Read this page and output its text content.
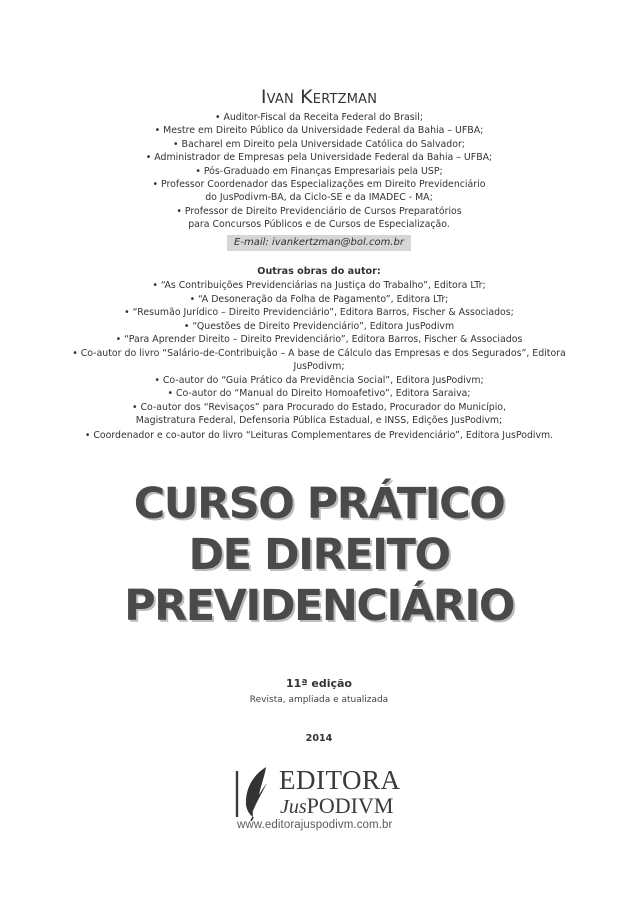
Ivan Kertzman
• Auditor-Fiscal da Receita Federal do Brasil;
• Mestre em Direito Público da Universidade Federal da Bahia – UFBA;
• Bacharel em Direito pela Universidade Católica do Salvador;
• Administrador de Empresas pela Universidade Federal da Bahia – UFBA;
• Pós-Graduado em Finanças Empresariais pela USP;
• Professor Coordenador das Especializações em Direito Previdenciário
do JusPodivm-BA, da Ciclo-SE e da IMADEC - MA;
• Professor de Direito Previdenciário de Cursos Preparatórios
para Concursos Públicos e de Cursos de Especialização.
E-mail: ivankertzman@bol.com.br
Outras obras do autor:
• “As Contribuições Previdenciárias na Justiça do Trabalho”, Editora LTr;
• “A Desoneração da Folha de Pagamento”, Editora LTr;
• “Resumão Jurídico – Direito Previdenciário”, Editora Barros, Fischer & Associados;
• “Questões de Direito Previdenciário”, Editora JusPodivm
• “Para Aprender Direito – Direito Previdenciário”, Editora Barros, Fischer & Associados
• Co-autor do livro “Salário-de-Contribuição – A base de Cálculo das Empresas e dos Segurados”, Editora
JusPodivm;
• Co-autor do “Guia Prático da Previdência Social”, Editora JusPodivm;
• Co-autor do “Manual do Direito Homoafetivo”, Editora Saraiva;
• Co-autor dos “Revisaços” para Procurado do Estado, Procurador do Município,
Magistratura Federal, Defensoria Pública Estadual, e INSS, Edições JusPodivm;
• Coordenador e co-autor do livro “Leituras Complementares de Previdenciário”, Editora JusPodivm.
CURSO PRÁTICO
DE DIREITO
PREVIDENCIÁRIO
11ª edição
Revista, ampliada e atualizada
2014
EDITORA
JusPODIVM
www.editorajuspodivm.com.br
